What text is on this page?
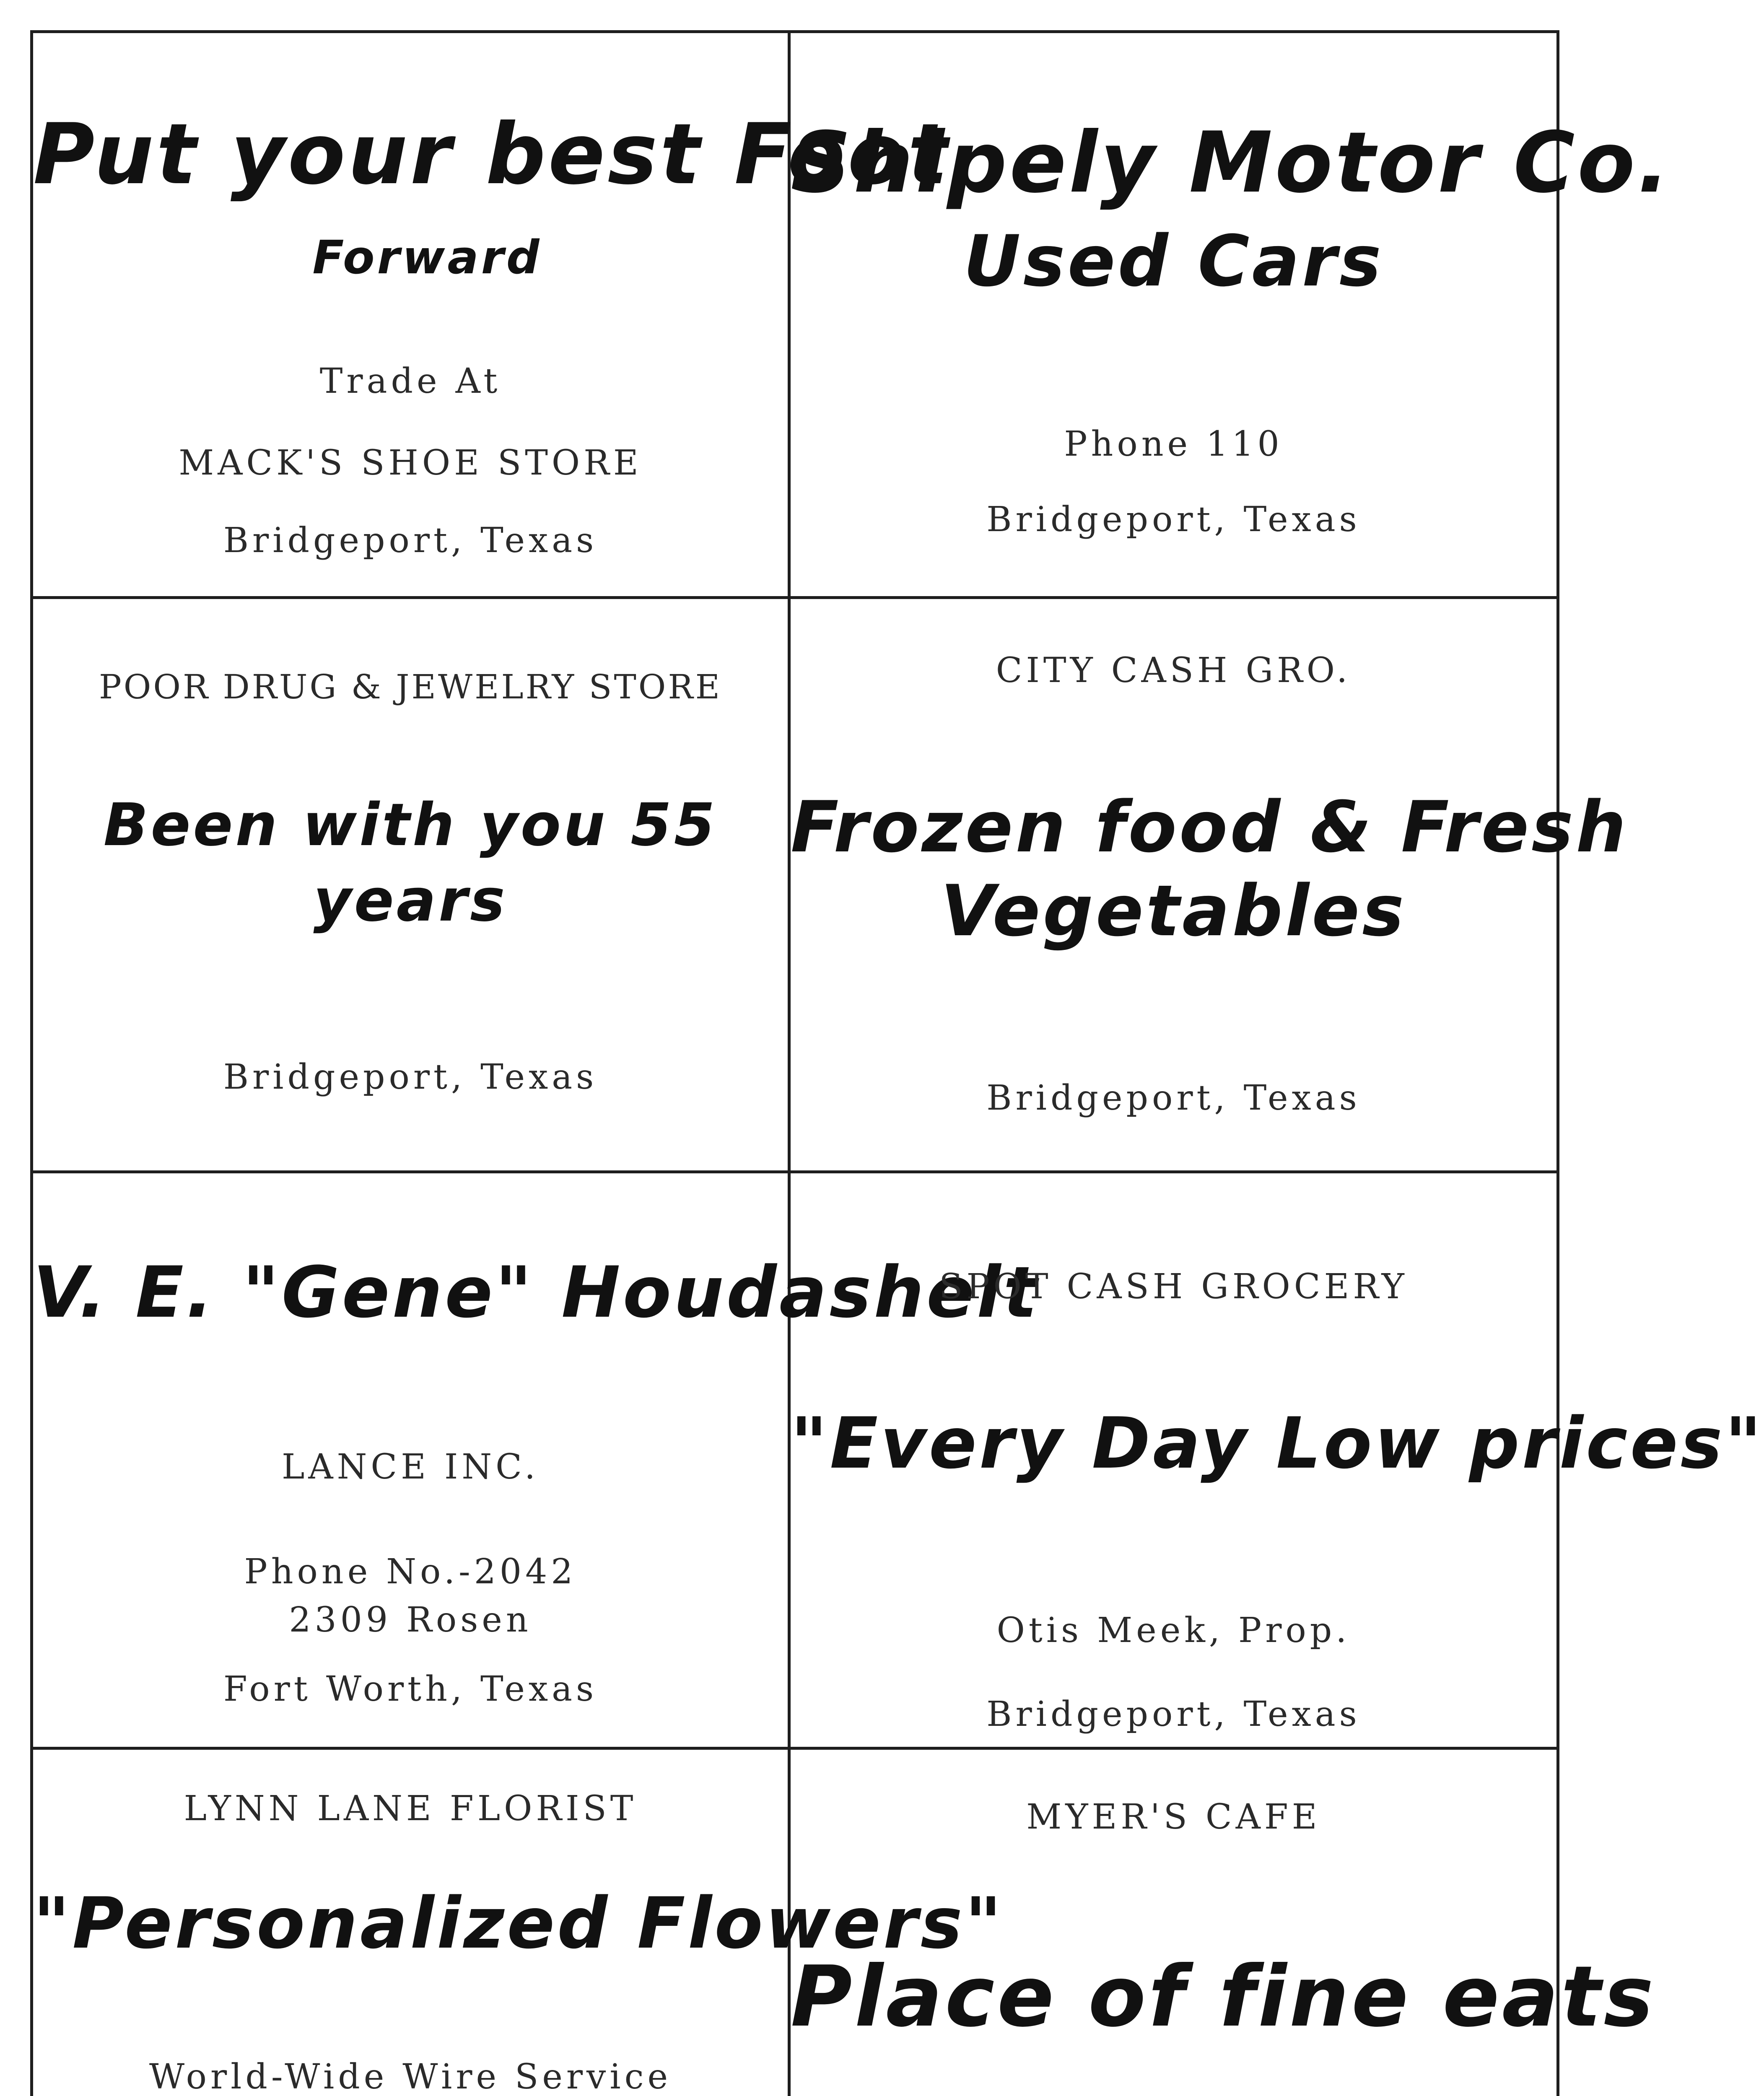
Put your best Foot
Forward
Trade At
MACK'S SHOE STORE
Bridgeport, Texas
Shipely Motor Co.
Used Cars
Phone 110
Bridgeport, Texas
POOR DRUG & JEWELRY STORE
Been with you 55
years
Bridgeport, Texas
CITY CASH GRO.
Frozen food & Fresh
Vegetables
Bridgeport, Texas
V. E. "Gene" Houdashelt
LANCE INC.
Phone No.-2042
2309 Rosen
Fort Worth, Texas
SPOT CASH GROCERY
"Every Day Low prices"
Otis Meek, Prop.
Bridgeport, Texas
LYNN LANE FLORIST
"Personalized Flowers"
World-Wide Wire Service
MYER'S CAFE
Place of fine eats
